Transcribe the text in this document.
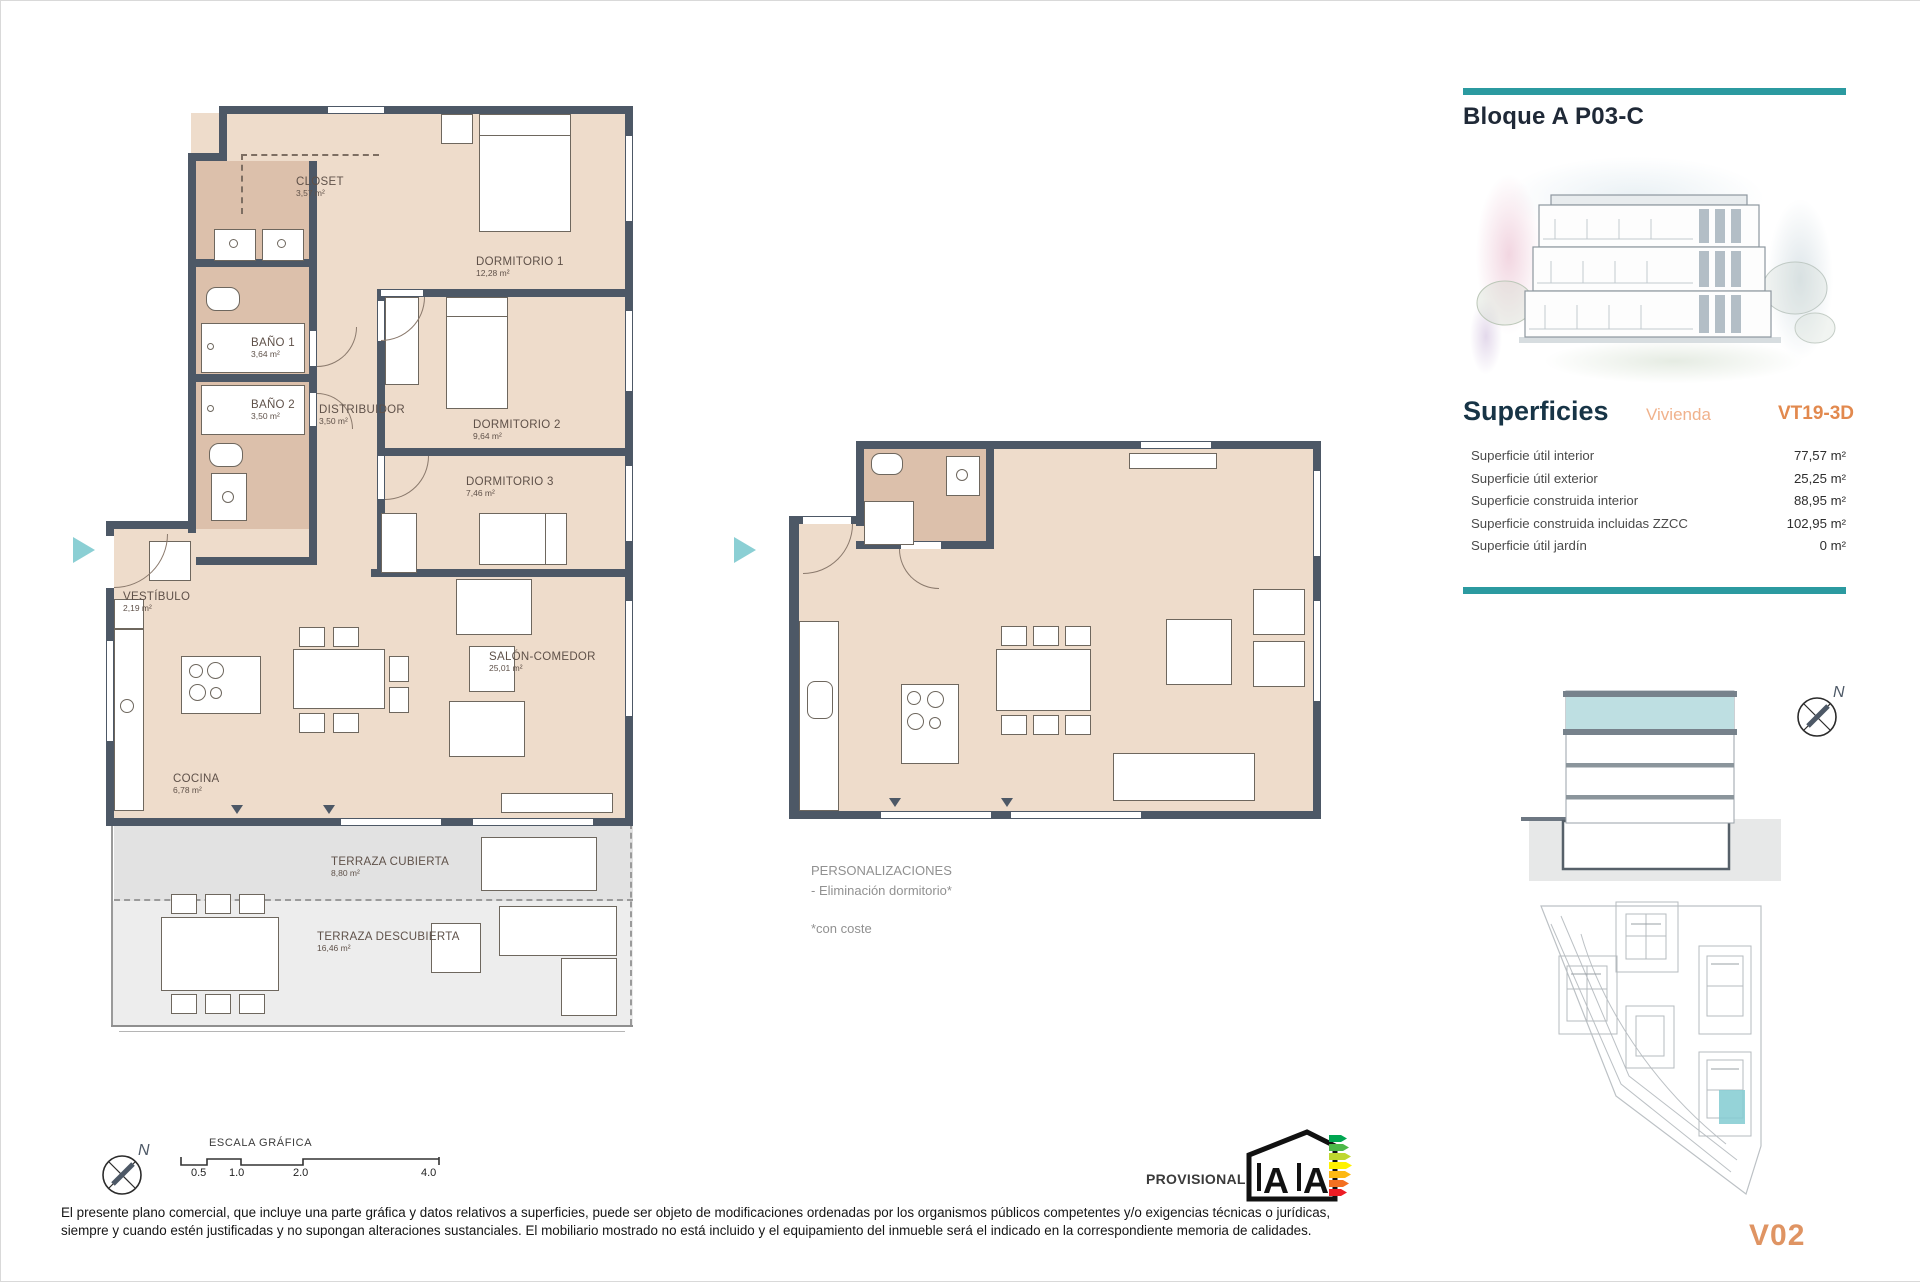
CLOSET
3,57 m²
DORMITORIO 1
12,28 m²
BAÑO 1
3,64 m²
BAÑO 2
3,50 m²	DISTRIBUIDOR
3,50 m²	DORMITORIO 2
9,64 m²
DORMITORIO 3
7,46 m²
VESTÍBULO
2,19 m²
SALÓN-COMEDOR
25,01 m²
COCINA
6,78 m²
TERRAZA CUBIERTA
8,80 m²
TERRAZA DESCUBIERTA
16,46 m²
PERSONALIZACIONES
- Eliminación dormitorio*
*con coste
Bloque A P03-C
Superficies Vivienda	VT19-3D
Superficie útil interior	77,57 m²
Superficie útil exterior	25,25 m²
Superficie construida interior	88,95 m²
Superficie construida incluidas ZZCC	102,95 m²
Superficie útil jardín	0 m²
N
V02
N	ESCALA GRÁFICA
0.5 1.0	2.0	4.0	PROVISIONAL A A
El presente plano comercial, que incluye una parte gráfica y datos relativos a superficies, puede ser objeto de modificaciones ordenadas por los organismos públicos competentes y/o exigencias técnicas o jurídicas, siempre y cuando estén justificadas y no supongan alteraciones sustanciales. El mobiliario mostrado no está incluido y el equipamiento del inmueble será el indicado en la correspondiente memoria de calidades.
